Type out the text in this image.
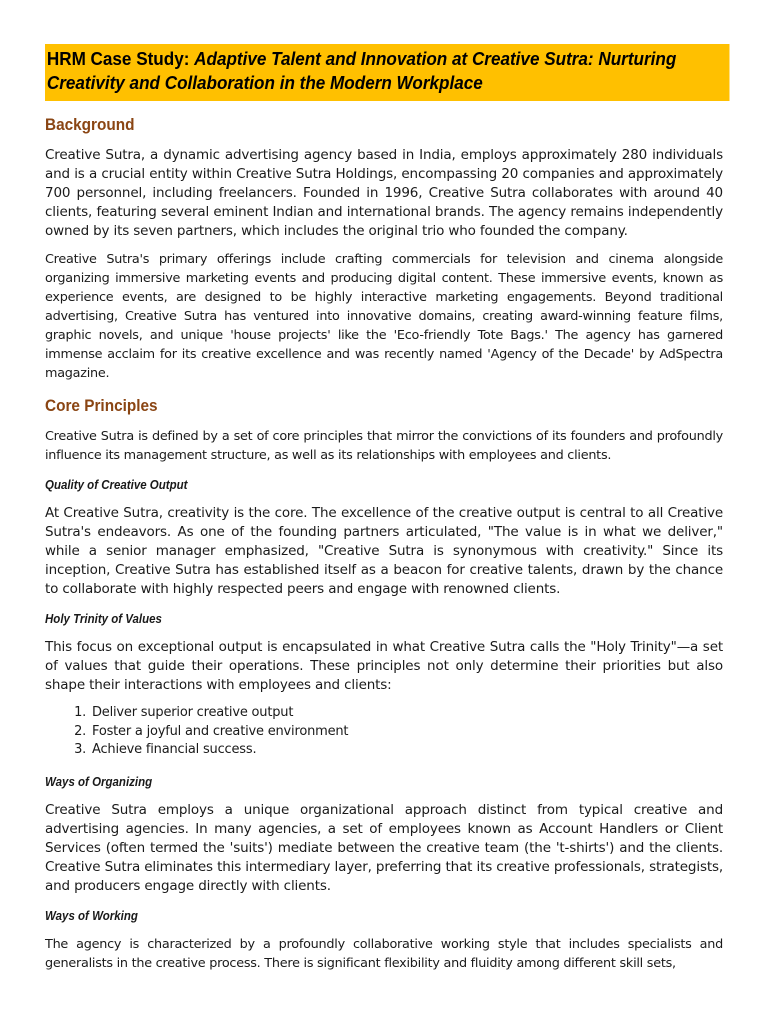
HRM Case Study: Adaptive Talent and Innovation at Creative Sutra: Nurturing Creativity and Collaboration in the Modern Workplace
Background

Creative Sutra, a dynamic advertising agency based in India, employs approximately 280 individuals and is a crucial entity within Creative Sutra Holdings, encompassing 20 companies and approximately 700 personnel, including freelancers. Founded in 1996, Creative Sutra collaborates with around 40 clients, featuring several eminent Indian and international brands. The agency remains independently owned by its seven partners, which includes the original trio who founded the company.

Creative Sutra's primary offerings include crafting commercials for television and cinema alongside organizing immersive marketing events and producing digital content. These immersive events, known as experience events, are designed to be highly interactive marketing engagements. Beyond traditional advertising, Creative Sutra has ventured into innovative domains, creating award-winning feature films, graphic novels, and unique 'house projects' like the 'Eco-friendly Tote Bags.' The agency has garnered immense acclaim for its creative excellence and was recently named 'Agency of the Decade' by AdSpectra magazine.

Core Principles

Creative Sutra is defined by a set of core principles that mirror the convictions of its founders and profoundly influence its management structure, as well as its relationships with employees and clients.

Quality of Creative Output

At Creative Sutra, creativity is the core. The excellence of the creative output is central to all Creative Sutra's endeavors. As one of the founding partners articulated, "The value is in what we deliver," while a senior manager emphasized, "Creative Sutra is synonymous with creativity." Since its inception, Creative Sutra has established itself as a beacon for creative talents, drawn by the chance to collaborate with highly respected peers and engage with renowned clients.

Holy Trinity of Values

This focus on exceptional output is encapsulated in what Creative Sutra calls the "Holy Trinity"—a set of values that guide their operations. These principles not only determine their priorities but also shape their interactions with employees and clients:

1. Deliver superior creative output
2. Foster a joyful and creative environment
3. Achieve financial success.
Ways of Organizing

Creative Sutra employs a unique organizational approach distinct from typical creative and advertising agencies. In many agencies, a set of employees known as Account Handlers or Client Services (often termed the 'suits') mediate between the creative team (the 't-shirts') and the clients. Creative Sutra eliminates this intermediary layer, preferring that its creative professionals, strategists, and producers engage directly with clients.

Ways of Working

The agency is characterized by a profoundly collaborative working style that includes specialists and generalists in the creative process. There is significant flexibility and fluidity among different skill sets,
